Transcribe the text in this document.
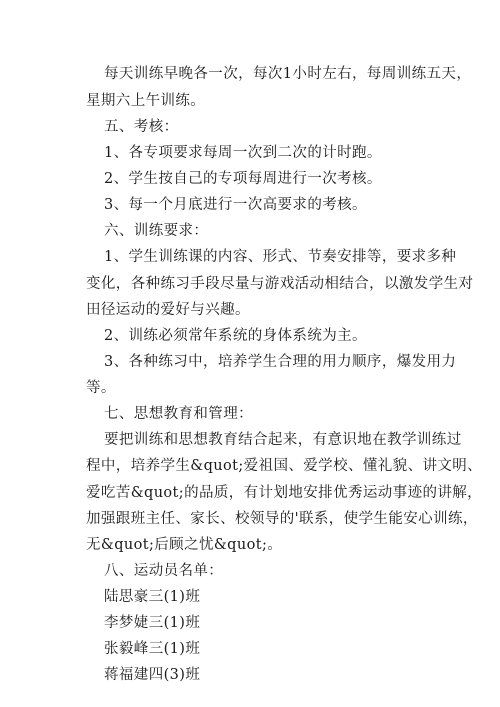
每天训练早晚各一次，每次1小时左右，每周训练五天，
星期六上午训练。
五、考核：
1、各专项要求每周一次到二次的计时跑。
2、学生按自己的专项每周进行一次考核。
3、每一个月底进行一次高要求的考核。
六、训练要求：
1、学生训练课的内容、形式、节奏安排等，要求多种
变化，各种练习手段尽量与游戏活动相结合，以激发学生对
田径运动的爱好与兴趣。
2、训练必须常年系统的身体系统为主。
3、各种练习中，培养学生合理的用力顺序，爆发用力
等。
七、思想教育和管理：
要把训练和思想教育结合起来，有意识地在教学训练过
程中，培养学生&quot;爱祖国、爱学校、懂礼貌、讲文明、
爱吃苦&quot;的品质，有计划地安排优秀运动事迹的讲解，
加强跟班主任、家长、校领导的'联系，使学生能安心训练，
无&quot;后顾之忧&quot;。
八、运动员名单：
陆思豪三(1)班
李梦婕三(1)班
张毅峰三(1)班
蒋福建四(3)班
